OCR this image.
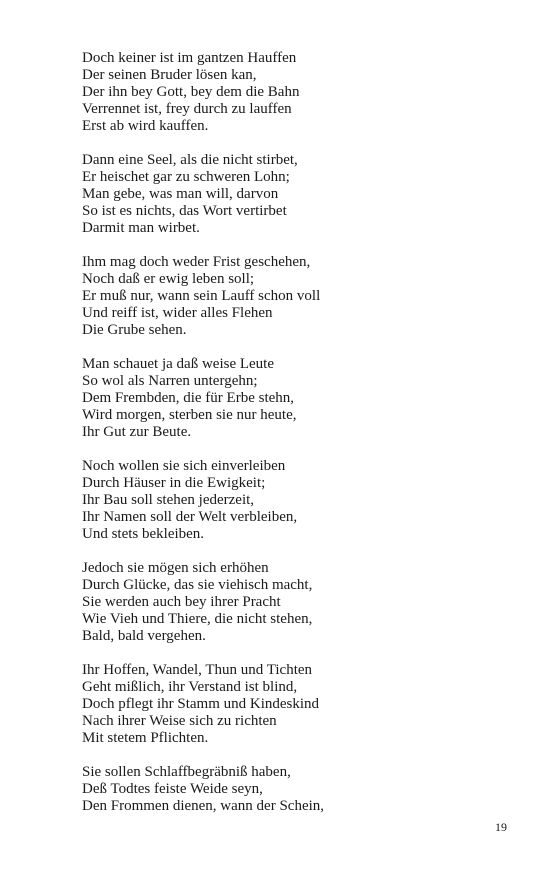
Doch keiner ist im gantzen Hauffen
Der seinen Bruder lösen kan,
Der ihn bey Gott, bey dem die Bahn
Verrennet ist, frey durch zu lauffen
Erst ab wird kauffen.
Dann eine Seel, als die nicht stirbet,
Er heischet gar zu schweren Lohn;
Man gebe, was man will, darvon
So ist es nichts, das Wort vertirbet
Darmit man wirbet.
Ihm mag doch weder Frist geschehen,
Noch daß er ewig leben soll;
Er muß nur, wann sein Lauff schon voll
Und reiff ist, wider alles Flehen
Die Grube sehen.
Man schauet ja daß weise Leute
So wol als Narren untergehn;
Dem Frembden, die für Erbe stehn,
Wird morgen, sterben sie nur heute,
Ihr Gut zur Beute.
Noch wollen sie sich einverleiben
Durch Häuser in die Ewigkeit;
Ihr Bau soll stehen jederzeit,
Ihr Namen soll der Welt verbleiben,
Und stets bekleiben.
Jedoch sie mögen sich erhöhen
Durch Glücke, das sie viehisch macht,
Sie werden auch bey ihrer Pracht
Wie Vieh und Thiere, die nicht stehen,
Bald, bald vergehen.
Ihr Hoffen, Wandel, Thun und Tichten
Geht mißlich, ihr Verstand ist blind,
Doch pflegt ihr Stamm und Kindeskind
Nach ihrer Weise sich zu richten
Mit stetem Pflichten.
Sie sollen Schlaffbegräbniß haben,
Deß Todtes feiste Weide seyn,
Den Frommen dienen, wann der Schein,
19
